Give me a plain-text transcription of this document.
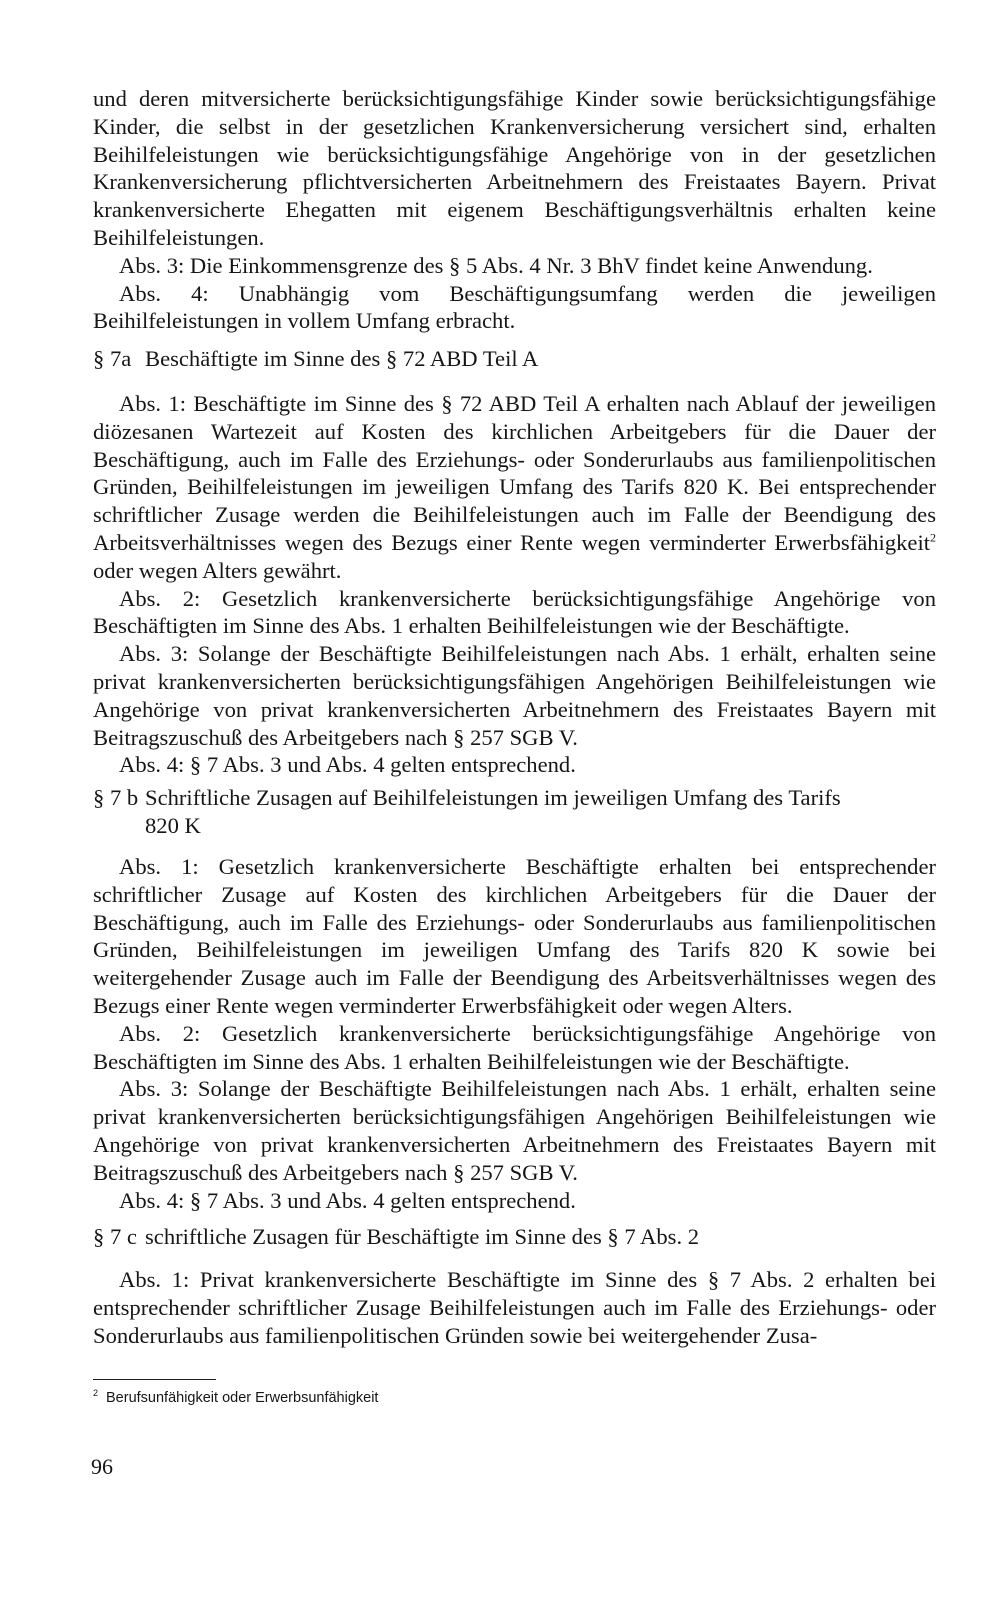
und deren mitversicherte berücksichtigungsfähige Kinder sowie berücksichtigungsfähige Kinder, die selbst in der gesetzlichen Krankenversicherung versichert sind, erhalten Beihilfeleistungen wie berücksichtigungsfähige Angehörige von in der gesetzlichen Krankenversicherung pflichtversicherten Arbeitnehmern des Freistaates Bayern. Privat krankenversicherte Ehegatten mit eigenem Beschäftigungsverhältnis erhalten keine Beihilfeleistungen.

Abs. 3: Die Einkommensgrenze des § 5 Abs. 4 Nr. 3 BhV findet keine Anwendung.

Abs. 4: Unabhängig vom Beschäftigungsumfang werden die jeweiligen Beihilfeleistungen in vollem Umfang erbracht.

§ 7a Beschäftigte im Sinne des § 72 ABD Teil A

Abs. 1: Beschäftigte im Sinne des § 72 ABD Teil A erhalten nach Ablauf der jeweiligen diözesanen Wartezeit auf Kosten des kirchlichen Arbeitgebers für die Dauer der Beschäftigung, auch im Falle des Erziehungs- oder Sonderurlaubs aus familienpolitischen Gründen, Beihilfeleistungen im jeweiligen Umfang des Tarifs 820 K. Bei entsprechender schriftlicher Zusage werden die Beihilfeleistungen auch im Falle der Beendigung des Arbeitsverhältnisses wegen des Bezugs einer Rente wegen verminderter Erwerbsfähigkeit$^2$ oder wegen Alters gewährt.

Abs. 2: Gesetzlich krankenversicherte berücksichtigungsfähige Angehörige von Beschäftigten im Sinne des Abs. 1 erhalten Beihilfeleistungen wie der Beschäftigte.

Abs. 3: Solange der Beschäftigte Beihilfeleistungen nach Abs. 1 erhält, erhalten seine privat krankenversicherten berücksichtigungsfähigen Angehörigen Beihilfeleistungen wie Angehörige von privat krankenversicherten Arbeitnehmern des Freistaates Bayern mit Beitragszuschuß des Arbeitgebers nach § 257 SGB V.

Abs. 4: § 7 Abs. 3 und Abs. 4 gelten entsprechend.

§ 7 b Schriftliche Zusagen auf Beihilfeleistungen im jeweiligen Umfang des Tarifs
820 K

Abs. 1: Gesetzlich krankenversicherte Beschäftigte erhalten bei entsprechender schriftlicher Zusage auf Kosten des kirchlichen Arbeitgebers für die Dauer der Beschäftigung, auch im Falle des Erziehungs- oder Sonderurlaubs aus familienpolitischen Gründen, Beihilfeleistungen im jeweiligen Umfang des Tarifs 820 K sowie bei weitergehender Zusage auch im Falle der Beendigung des Arbeitsverhältnisses wegen des Bezugs einer Rente wegen verminderter Erwerbsfähigkeit oder wegen Alters.

Abs. 2: Gesetzlich krankenversicherte berücksichtigungsfähige Angehörige von Beschäftigten im Sinne des Abs. 1 erhalten Beihilfeleistungen wie der Beschäftigte.

Abs. 3: Solange der Beschäftigte Beihilfeleistungen nach Abs. 1 erhält, erhalten seine privat krankenversicherten berücksichtigungsfähigen Angehörigen Beihilfeleistungen wie Angehörige von privat krankenversicherten Arbeitnehmern des Freistaates Bayern mit Beitragszuschuß des Arbeitgebers nach § 257 SGB V.

Abs. 4: § 7 Abs. 3 und Abs. 4 gelten entsprechend.

§ 7 c schriftliche Zusagen für Beschäftigte im Sinne des § 7 Abs. 2

Abs. 1: Privat krankenversicherte Beschäftigte im Sinne des § 7 Abs. 2 erhalten bei entsprechender schriftlicher Zusage Beihilfeleistungen auch im Falle des Erziehungs- oder Sonderurlaubs aus familienpolitischen Gründen sowie bei weitergehender Zusa-

$^2$ Berufsunfähigkeit oder Erwerbsunfähigkeit

96
